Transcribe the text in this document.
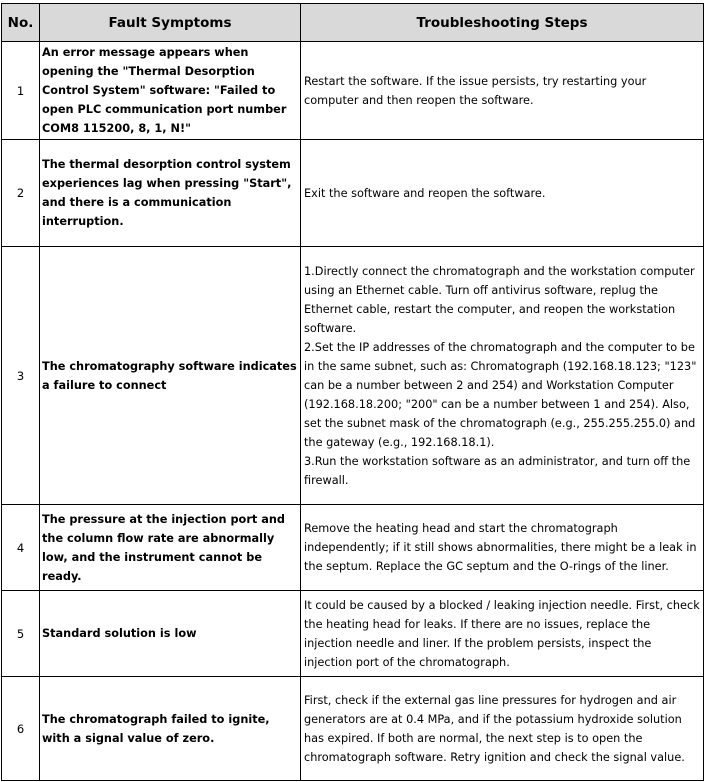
No.	Fault Symptoms	Troubleshooting Steps
1	An error message appears when opening the "Thermal Desorption Control System" software: "Failed to open PLC communication port number COM8 115200, 8, 1, N!"	Restart the software. If the issue persists, try restarting your computer and then reopen the software.

2	The thermal desorption control system experiences lag when pressing "Start", and there is a communication interruption.	Exit the software and reopen the software.

3	The chromatography software indicates a failure to connect	1.Directly connect the chromatograph and the workstation computer using an Ethernet cable. Turn off antivirus software, replug the Ethernet cable, restart the computer, and reopen the workstation software.
2.Set the IP addresses of the chromatograph and the computer to be in the same subnet, such as: Chromatograph (192.168.18.123; "123" can be a number between 2 and 254) and Workstation Computer (192.168.18.200; "200" can be a number between 1 and 254). Also, set the subnet mask of the chromatograph (e.g., 255.255.255.0) and the gateway (e.g., 192.168.18.1).
3.Run the workstation software as an administrator, and turn off the firewall.

4	The pressure at the injection port and the column flow rate are abnormally low, and the instrument cannot be ready.	Remove the heating head and start the chromatograph independently; if it still shows abnormalities, there might be a leak in the septum. Replace the GC septum and the O-rings of the liner.

5	Standard solution is low	It could be caused by a blocked / leaking injection needle. First, check the heating head for leaks. If there are no issues, replace the injection needle and liner. If the problem persists, inspect the injection port of the chromatograph.

6	The chromatograph failed to ignite, with a signal value of zero.	First, check if the external gas line pressures for hydrogen and air generators are at 0.4 MPa, and if the potassium hydroxide solution has expired. If both are normal, the next step is to open the chromatograph software. Retry ignition and check the signal value.
